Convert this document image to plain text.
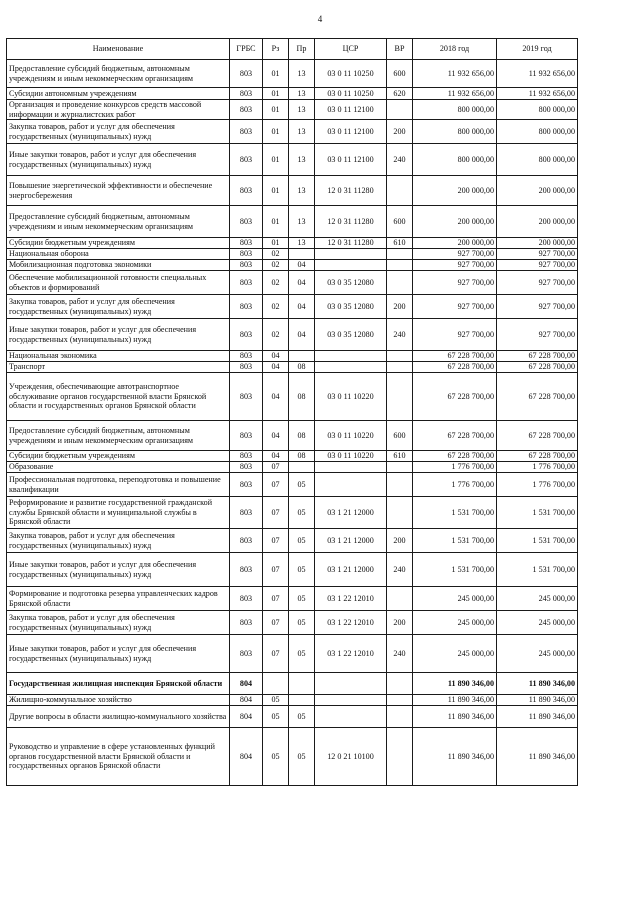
4
Наименование	ГРБС	Рз	Пр	ЦСР	ВР	2018 год	2019 год
Предоставление субсидий бюджетным, автономным учреждениям и иным некоммерческим организациям	803	01	13	03 0 11 10250	600	11 932 656,00	11 932 656,00
Субсидии автономным учреждениям	803	01	13	03 0 11 10250	620	11 932 656,00	11 932 656,00
Организация и проведение конкурсов средств массовой информации и журналистских работ	803	01	13	03 0 11 12100		800 000,00	800 000,00
Закупка товаров, работ и услуг для обеспечения государственных (муниципальных) нужд	803	01	13	03 0 11 12100	200	800 000,00	800 000,00
Иные закупки товаров, работ и услуг для обеспечения государственных (муниципальных) нужд	803	01	13	03 0 11 12100	240	800 000,00	800 000,00
Повышение энергетической эффективности и обеспечение энергосбережения	803	01	13	12 0 31 11280		200 000,00	200 000,00
Предоставление субсидий бюджетным, автономным учреждениям и иным некоммерческим организациям	803	01	13	12 0 31 11280	600	200 000,00	200 000,00
Субсидии бюджетным учреждениям	803	01	13	12 0 31 11280	610	200 000,00	200 000,00
Национальная оборона	803	02				927 700,00	927 700,00
Мобилизационная подготовка экономики	803	02	04			927 700,00	927 700,00
Обеспечение мобилизационной готовности специальных объектов и формирований	803	02	04	03 0 35 12080		927 700,00	927 700,00
Закупка товаров, работ и услуг для обеспечения государственных (муниципальных) нужд	803	02	04	03 0 35 12080	200	927 700,00	927 700,00
Иные закупки товаров, работ и услуг для обеспечения государственных (муниципальных) нужд	803	02	04	03 0 35 12080	240	927 700,00	927 700,00
Национальная экономика	803	04				67 228 700,00	67 228 700,00
Транспорт	803	04	08			67 228 700,00	67 228 700,00
Учреждения, обеспечивающие автотранспортное обслуживание органов государственной власти Брянской области и государственных органов Брянской области	803	04	08	03 0 11 10220		67 228 700,00	67 228 700,00
Предоставление субсидий бюджетным, автономным учреждениям и иным некоммерческим организациям	803	04	08	03 0 11 10220	600	67 228 700,00	67 228 700,00
Субсидии бюджетным учреждениям	803	04	08	03 0 11 10220	610	67 228 700,00	67 228 700,00
Образование	803	07				1 776 700,00	1 776 700,00
Профессиональная подготовка, переподготовка и повышение квалификации	803	07	05			1 776 700,00	1 776 700,00
Реформирование и развитие государственной гражданской службы Брянской области и муниципальной службы в Брянской области	803	07	05	03 1 21 12000		1 531 700,00	1 531 700,00
Закупка товаров, работ и услуг для обеспечения государственных (муниципальных) нужд	803	07	05	03 1 21 12000	200	1 531 700,00	1 531 700,00
Иные закупки товаров, работ и услуг для обеспечения государственных (муниципальных) нужд	803	07	05	03 1 21 12000	240	1 531 700,00	1 531 700,00
Формирование и подготовка резерва управленческих кадров Брянской области	803	07	05	03 1 22 12010		245 000,00	245 000,00
Закупка товаров, работ и услуг для обеспечения государственных (муниципальных) нужд	803	07	05	03 1 22 12010	200	245 000,00	245 000,00
Иные закупки товаров, работ и услуг для обеспечения государственных (муниципальных) нужд	803	07	05	03 1 22 12010	240	245 000,00	245 000,00
Государственная жилищная инспекция Брянской области	804					11 890 346,00	11 890 346,00
Жилищно-коммунальное хозяйство	804	05				11 890 346,00	11 890 346,00
Другие вопросы в области жилищно-коммунального хозяйства	804	05	05			11 890 346,00	11 890 346,00
Руководство и управление в сфере установленных функций органов государственной власти Брянской области и государственных органов Брянской области	804	05	05	12 0 21 10100		11 890 346,00	11 890 346,00
